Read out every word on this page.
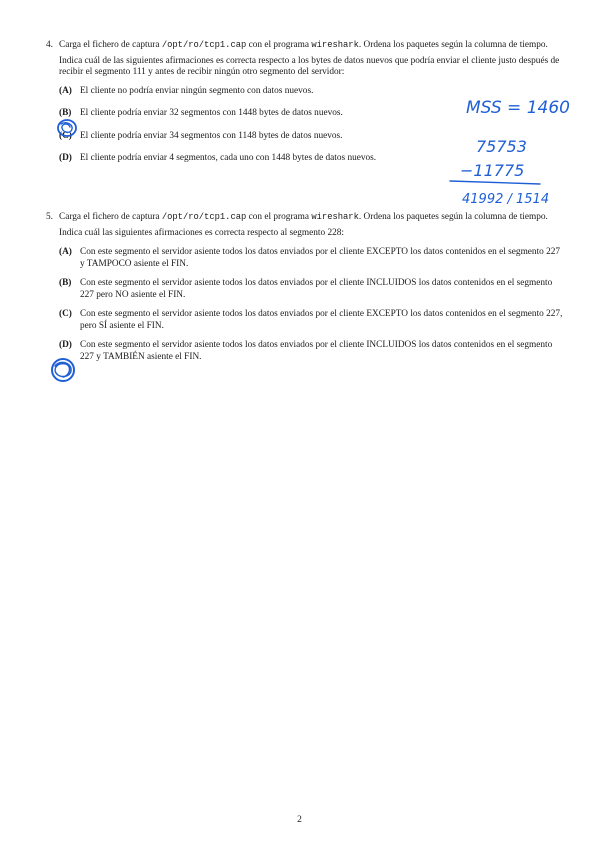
4. Carga el fichero de captura /opt/ro/tcp1.cap con el programa wireshark. Ordena los paquetes según la columna de tiempo.
Indica cuál de las siguientes afirmaciones es correcta respecto a los bytes de datos nuevos que podría enviar el cliente justo después de recibir el segmento 111 y antes de recibir ningún otro segmento del servidor:
(A) El cliente no podría enviar ningún segmento con datos nuevos.
(B) El cliente podría enviar 32 segmentos con 1448 bytes de datos nuevos.
(C) El cliente podría enviar 34 segmentos con 1148 bytes de datos nuevos.
(D) El cliente podría enviar 4 segmentos, cada uno con 1448 bytes de datos nuevos.
5. Carga el fichero de captura /opt/ro/tcp1.cap con el programa wireshark. Ordena los paquetes según la columna de tiempo.
Indica cuál las siguientes afirmaciones es correcta respecto al segmento 228:
(A) Con este segmento el servidor asiente todos los datos enviados por el cliente EXCEPTO los datos contenidos en el segmento 227 y TAMPOCO asiente el FIN.
(B) Con este segmento el servidor asiente todos los datos enviados por el cliente INCLUIDOS los datos contenidos en el segmento 227 pero NO asiente el FIN.
(C) Con este segmento el servidor asiente todos los datos enviados por el cliente EXCEPTO los datos contenidos en el segmento 227, pero SÍ asiente el FIN.
(D) Con este segmento el servidor asiente todos los datos enviados por el cliente INCLUIDOS los datos contenidos en el segmento 227 y TAMBIÉN asiente el FIN.
MSS = 1460
75753
−11775
41992 / 1514
2
